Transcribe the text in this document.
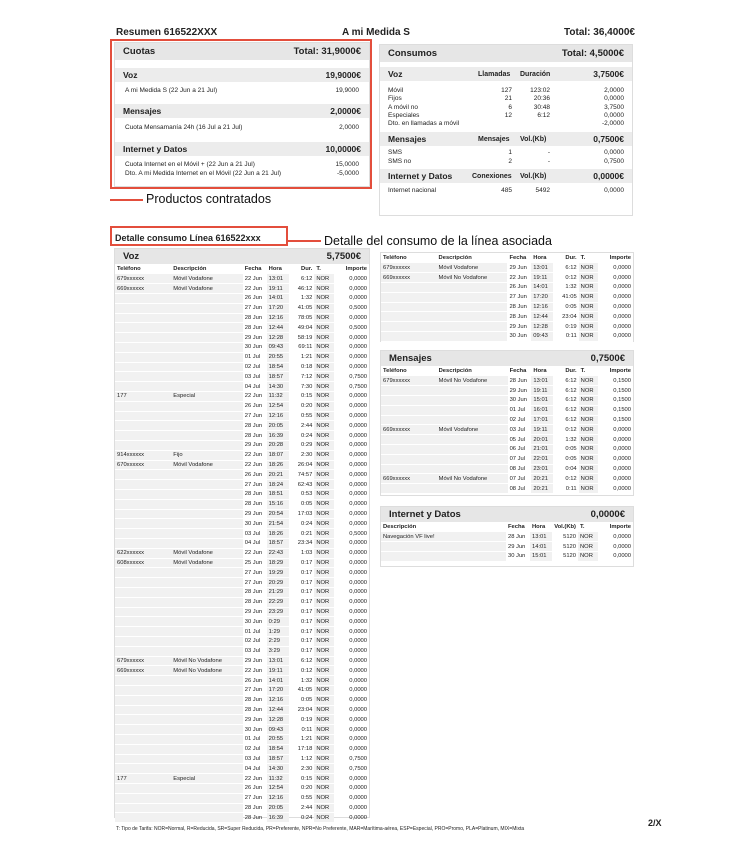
Resumen 616522XXX	A mi Medida S	Total: 36,4000€
Cuotas	Total: 31,9000€
Voz	19,9000€
A mi Medida S (22 Jun a 21 Jul)	19,9000
Mensajes	2,0000€
Cuota Mensamanía 24h (16 Jul a 21 Jul)	2,0000
Internet y Datos	10,0000€
Cuota Internet en el Móvil + (22 Jun a 21 Jul)	15,0000
Dto. A mi Medida Internet en el Móvil (22 Jun a 21 Jul)	-5,0000
Productos contratados
Consumos	Total: 4,5000€
Voz	Llamadas Duración	3,7500€
Móvil	127	123:02	2,0000
Fijos	21	20:36	0,0000
A móvil no	6	30:48	3,7500
Especiales	12	6:12	0,0000
Dto. en llamadas a móvil	-2,0000
Mensajes	Mensajes Vol.(Kb)	0,7500€
SMS	1	-	0,0000
SMS no	2	-	0,7500
Internet y Datos	Conexiones Vol.(Kb)	0,0000€
Internet nacional	485	5492	0,0000
Detalle consumo Línea 616522xxx	Detalle del consumo de la línea asociada
Voz	5,7500€
Teléfono	Descripción	Fecha	Hora	Dur.	T.	Importe
679xxxxxx	Móvil Vodafone	22 Jun	13:01	6:12	NOR	0,0000
669xxxxxx	Móvil Vodafone	22 Jun	19:11	46:12	NOR	0,0000
		26 Jun	14:01	1:32	NOR	0,0000
		27 Jun	17:20	41:05	NOR	0,5000
		28 Jun	12:16	78:05	NOR	0,0000
		28 Jun	12:44	49:04	NOR	0,5000
		29 Jun	12:28	58:19	NOR	0,0000
		30 Jun	09:43	69:11	NOR	0,0000
		01 Jul	20:55	1:21	NOR	0,0000
		02 Jul	18:54	0:18	NOR	0,0000
		03 Jul	18:57	7:12	NOR	0,7500
		04 Jul	14:30	7:30	NOR	0,7500
177	Especial	22 Jun	11:32	0:15	NOR	0,0000
		26 Jun	12:54	0:20	NOR	0,0000
		27 Jun	12:16	0:55	NOR	0,0000
		28 Jun	20:05	2:44	NOR	0,0000
		28 Jun	16:39	0:24	NOR	0,0000
		29 Jun	20:28	0:29	NOR	0,0000
914xxxxxx	Fijo	22 Jun	18:07	2:30	NOR	0,0000
670xxxxxx	Móvil Vodafone	22 Jun	18:26	26:04	NOR	0,0000
		26 Jun	20:21	74:57	NOR	0,0000
		27 Jun	18:24	62:43	NOR	0,0000
		28 Jun	18:51	0:53	NOR	0,0000
		28 Jun	15:16	0:05	NOR	0,0000
		29 Jun	20:54	17:03	NOR	0,0000
		30 Jun	21:54	0:24	NOR	0,0000
		03 Jul	18:26	0:21	NOR	0,5000
		04 Jul	18:57	23:34	NOR	0,0000
622xxxxxx	Móvil Vodafone	22 Jun	22:43	1:03	NOR	0,0000
608xxxxxx	Móvil Vodafone	25 Jun	18:29	0:17	NOR	0,0000
		27 Jun	19:29	0:17	NOR	0,0000
		27 Jun	20:29	0:17	NOR	0,0000
		28 Jun	21:29	0:17	NOR	0,0000
		28 Jun	22:29	0:17	NOR	0,0000
		29 Jun	23:29	0:17	NOR	0,0000
		30 Jun	0:29	0:17	NOR	0,0000
		01 Jul	1:29	0:17	NOR	0,0000
		02 Jul	2:29	0:17	NOR	0,0000
		03 Jul	3:29	0:17	NOR	0,0000
679xxxxxx	Móvil No Vodafone	29 Jun	13:01	6:12	NOR	0,0000
669xxxxxx	Móvil No Vodafone	22 Jun	19:11	0:12	NOR	0,0000
		26 Jun	14:01	1:32	NOR	0,0000
		27 Jun	17:20	41:05	NOR	0,0000
		28 Jun	12:16	0:05	NOR	0,0000
		28 Jun	12:44	23:04	NOR	0,0000
		29 Jun	12:28	0:19	NOR	0,0000
		30 Jun	09:43	0:11	NOR	0,0000
		01 Jul	20:55	1:21	NOR	0,0000
		02 Jul	18:54	17:18	NOR	0,0000
		03 Jul	18:57	1:12	NOR	0,7500
		04 Jul	14:30	2:30	NOR	0,7500
177	Especial	22 Jun	11:32	0:15	NOR	0,0000
		26 Jun	12:54	0:20	NOR	0,0000
		27 Jun	12:16	0:55	NOR	0,0000
		28 Jun	20:05	2:44	NOR	0,0000
		28 Jun	16:39	0:24	NOR	0,0000
Teléfono	Descripción	Fecha	Hora	Dur.	T.	Importe
679xxxxxx	Móvil Vodafone	29 Jun	13:01	6:12	NOR	0,0000
669xxxxxx	Móvil No Vodafone	22 Jun	19:11	0:12	NOR	0,0000
		26 Jun	14:01	1:32	NOR	0,0000
		27 Jun	17:20	41:05	NOR	0,0000
		28 Jun	12:16	0:05	NOR	0,0000
		28 Jun	12:44	23:04	NOR	0,0000
		29 Jun	12:28	0:19	NOR	0,0000
		30 Jun	09:43	0:11	NOR	0,0000
Mensajes	0,7500€
Teléfono	Descripción	Fecha	Hora	Dur.	T.	Importe
679xxxxxx	Móvil No Vodafone	28 Jun	13:01	6:12	NOR	0,1500
		29 Jun	19:11	6:12	NOR	0,1500
		30 Jun	15:01	6:12	NOR	0,1500
		01 Jul	16:01	6:12	NOR	0,1500
		02 Jul	17:01	6:12	NOR	0,1500
669xxxxxx	Móvil Vodafone	03 Jul	19:11	0:12	NOR	0,0000
		05 Jul	20:01	1:32	NOR	0,0000
		06 Jul	21:01	0:05	NOR	0,0000
		07 Jul	22:01	0:05	NOR	0,0000
		08 Jul	23:01	0:04	NOR	0,0000
669xxxxxx	Móvil No Vodafone	07 Jul	20:21	0:12	NOR	0,0000
		08 Jul	20:21	0:11	NOR	0,0000
Internet y Datos	0,0000€
Descripción	Fecha	Hora	Vol.(Kb)	T.	Importe
Navegación VF live!	28 Jun	13:01	5120	NOR	0,0000
	29 Jun	14:01	5120	NOR	0,0000
	30 Jun	15:01	5120	NOR	0,0000
T: Tipo de Tarifa: NOR=Normal, R=Reducida, SR=Super Reducida, PR=Preferente, NPR=No Preferente, MAR=Marítima-aérea, ESP=Especial, PRO=Promo, PLA=Platinum, MIX=Mixta
2/X
